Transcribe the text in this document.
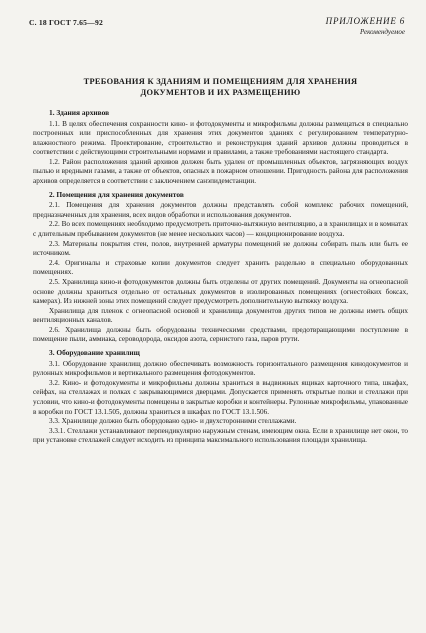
С. 18 ГОСТ 7.65—92	ПРИЛОЖЕНИЕ 6
Рекомендуемое
ТРЕБОВАНИЯ К ЗДАНИЯМ И ПОМЕЩЕНИЯМ ДЛЯ ХРАНЕНИЯ
ДОКУМЕНТОВ И ИХ РАЗМЕЩЕНИЮ
1. Здания архивов

1.1. В целях обеспечения сохранности кино- и фотодокументы и микрофильмы должны размещаться в специально построенных или приспособленных для хранения этих документов зданиях с регулированием температурно-влажностного режима. Проектирование, строительство и реконструкция зданий архивов должны проводиться в соответствии с действующими строительными нормами и правилами, а также требованиями настоящего стандарта.

1.2. Район расположения зданий архивов должен быть удален от промышленных объектов, загрязняющих воздух пылью и вредными газами, а также от объектов, опасных в пожарном отношении. Пригодность района для расположения архивов определяется в соответствии с заключением санэпидемстанции.

2. Помещения для хранения документов

2.1. Помещения для хранения документов должны представлять собой комплекс рабочих помещений, предназначенных для хранения, всех видов обработки и использования документов.

2.2. Во всех помещениях необходимо предусмотреть приточно-вытяжную вентиляцию, а в хранилищах и в комнатах с длительным пребыванием документов (не менее нескольких часов) — кондиционирование воздуха.

2.3. Материалы покрытия стен, полов, внутренней арматуры помещений не должны собирать пыль или быть ее источником.

2.4. Оригиналы и страховые копии документов следует хранить раздельно в специально оборудованных помещениях.

2.5. Хранилища кино-и фотодокументов должны быть отделены от других помещений. Документы на огнеопасной основе должны храниться отдельно от остальных документов в изолированных помещениях (огнестойких боксах, камерах). Из нижней зоны этих помещений следует предусмотреть дополнительную вытяжку воздуха.

Хранилища для пленок с огнеопасной основой и хранилища документов других типов не должны иметь общих вентиляционных каналов.

2.6. Хранилища должны быть оборудованы техническими средствами, предотвращающими поступление в помещение пыли, аммиака, сероводорода, оксидов азота, сернистого газа, паров ртути.

3. Оборудование хранилищ

3.1. Оборудование хранилищ должно обеспечивать возможность горизонтального размещения кинодокументов и рулонных микрофильмов и вертикального размещения фотодокументов.

3.2. Кино- и фотодокументы и микрофильмы должны храниться в выдвижных ящиках карточного типа, шкафах, сейфах, на стеллажах и полках с закрывающимися дверцами. Допускается применять открытые полки и стеллажи при условии, что кино-и фотодокументы помещены в закрытые коробки и контейнеры. Рулонные микрофильмы, упакованные в коробки по ГОСТ 13.1.505, должны храниться в шкафах по ГОСТ 13.1.506.

3.3. Хранилище должно быть оборудовано одно- и двухсторонними стеллажами.

3.3.1. Стеллажи устанавливают перпендикулярно наружным стенам, имеющим окна. Если в хранилище нет окон, то при установке стеллажей следует исходить из принципа максимального использования площади хранилища.
